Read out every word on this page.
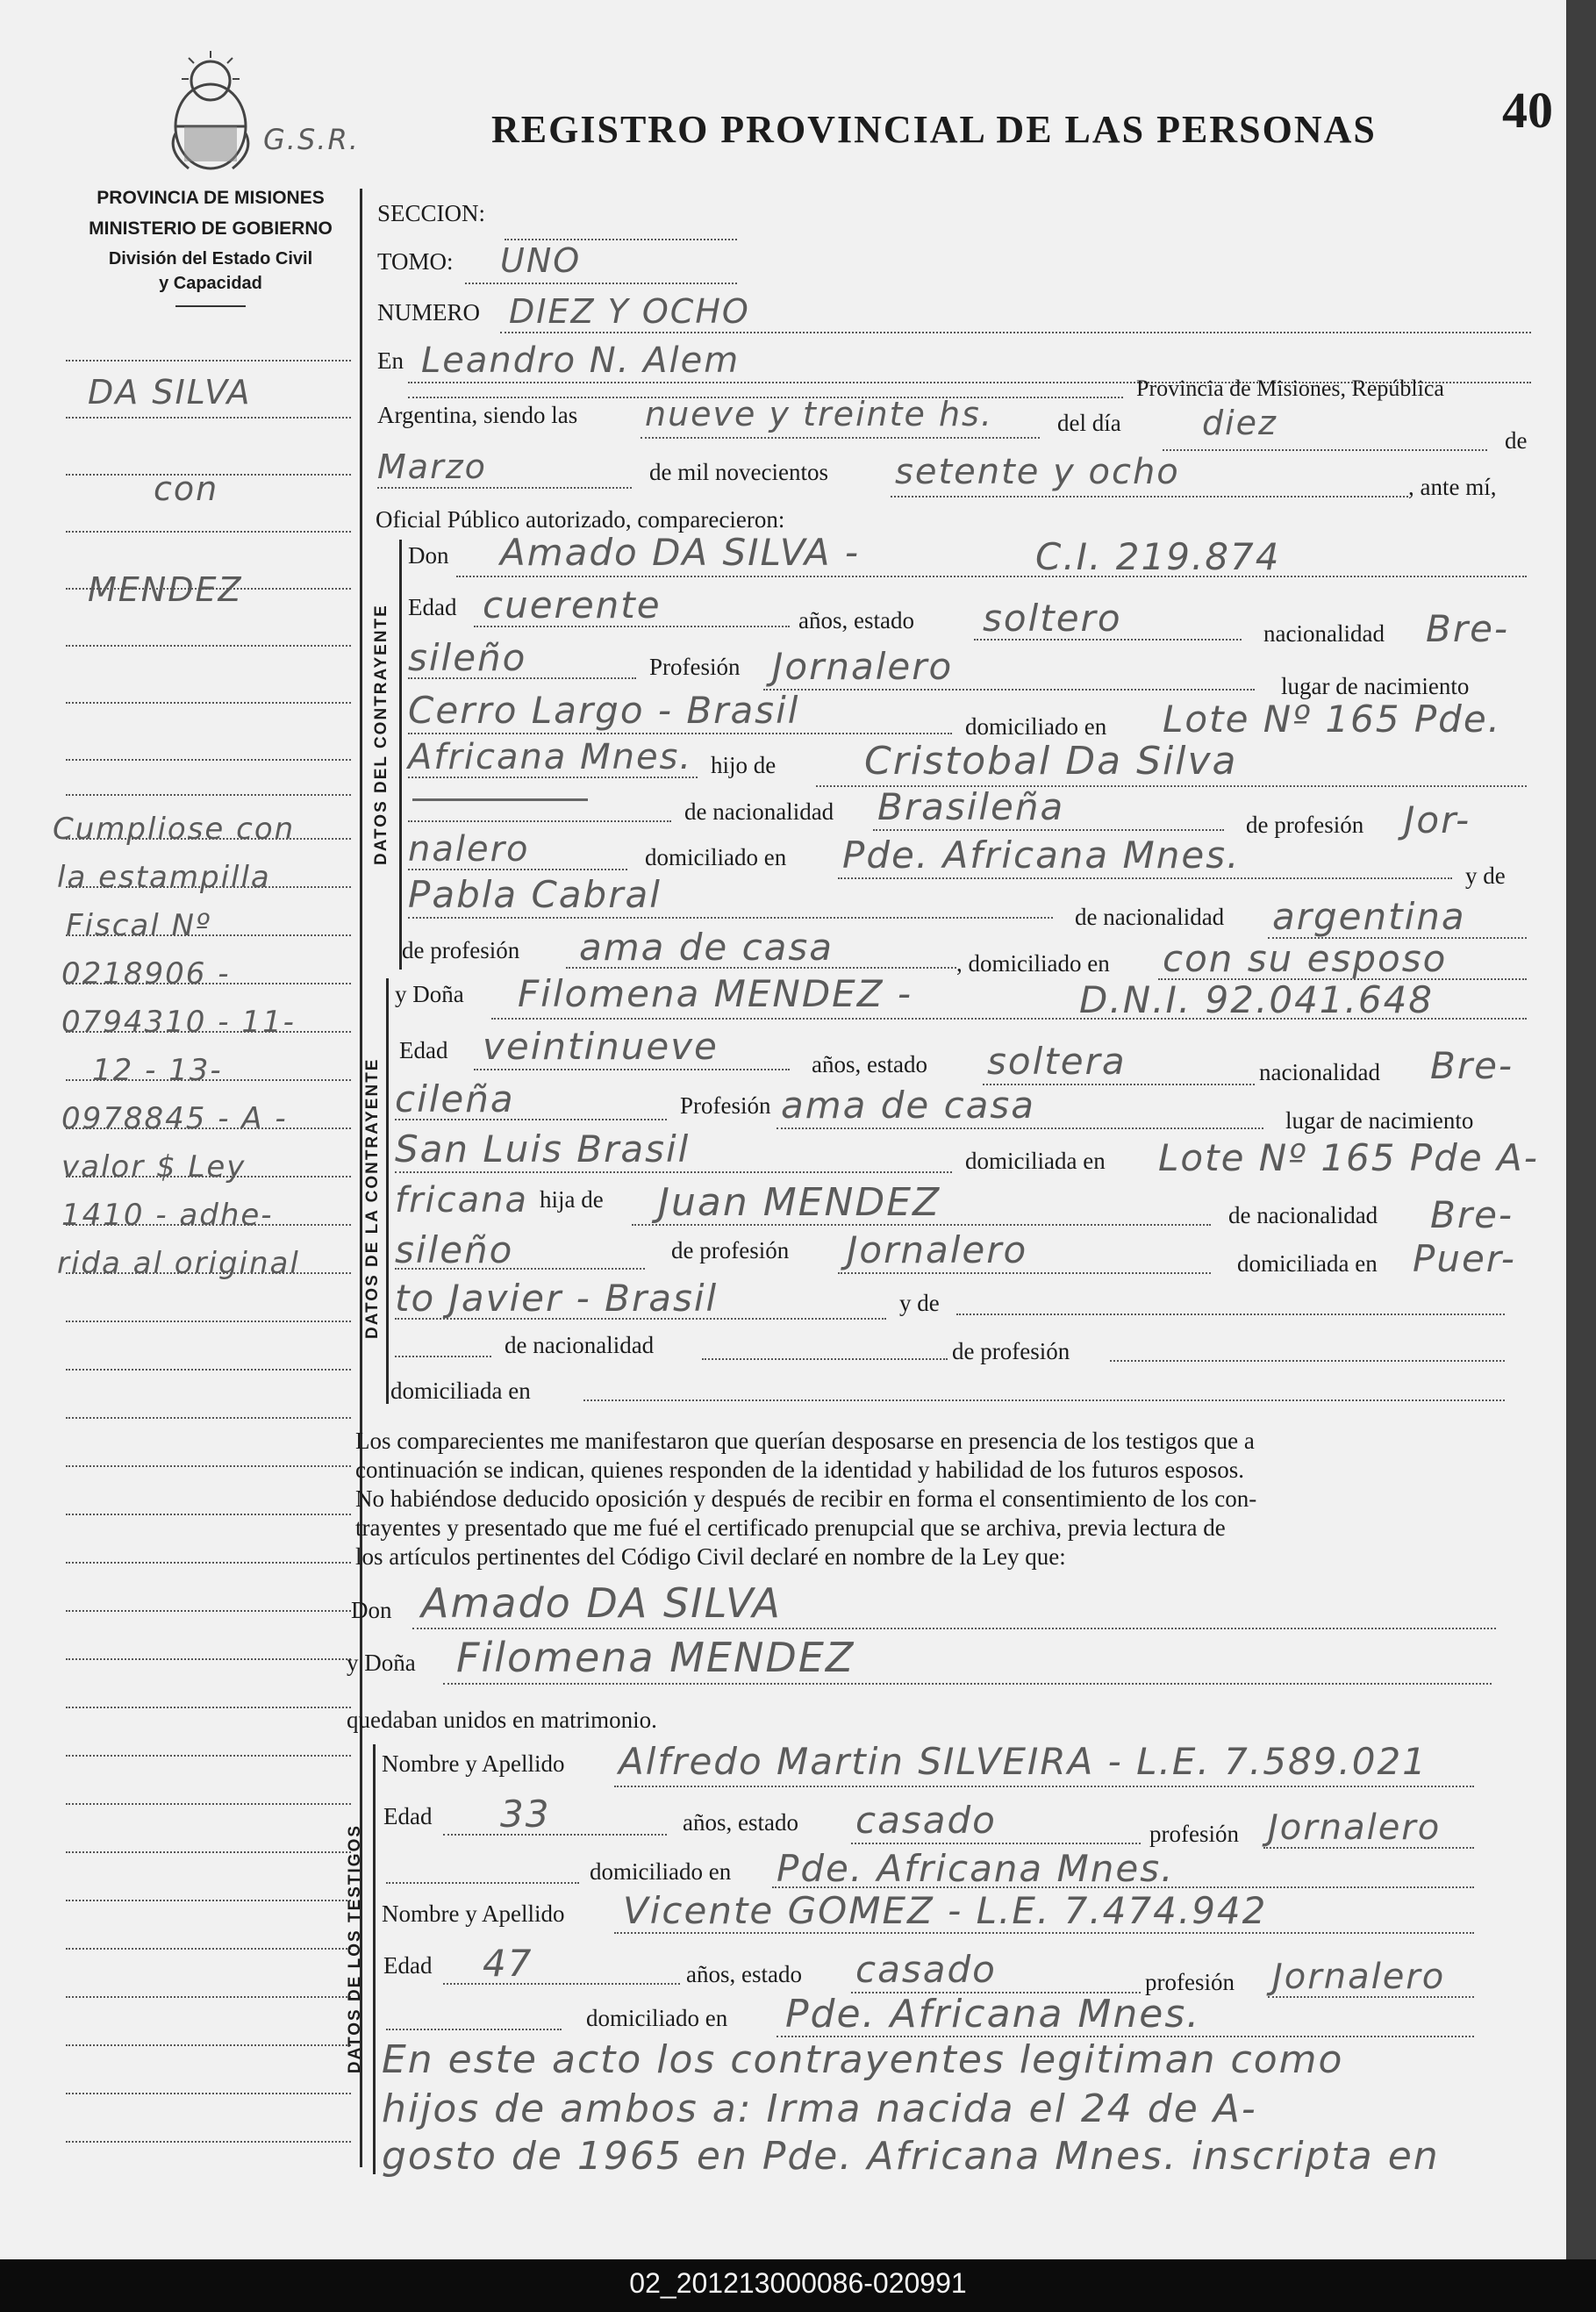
G.S.R.	REGISTRO PROVINCIAL DE LAS PERSONAS 40
PROVINCIA DE MISIONES
MINISTERIO DE GOBIERNO
División del Estado Civil
y Capacidad
DA SILVA
con
MENDEZ
Cumpliose con
la estampilla
Fiscal Nº
0218906 -
0794310 - 11-
12 - 13-
0978845 - A -
valor $ Ley
1410 - adhe-
rida al original
SECCION:
TOMO: UNO
NUMERO DIEZ Y OCHO
En Leandro N. Alem
Provincia de Misiones, República
Argentina, siendo las nueve y treinte hs.	del día diez	de
Marzo	de mil novecientos setente y ocho	, ante mí,
Oficial Público autorizado, comparecieron:
DATOS DEL CONTRAYENTE
Don Amado DA SILVA -	C.I. 219.874
Edad cuerente	años, estado soltero	nacionalidad Bre-
sileño	Profesión Jornalero	lugar de nacimiento
Cerro Largo - Brasil	domiciliado en Lote Nº 165 Pde.
Africana Mnes. hijo de Cristobal Da Silva
de nacionalidad Brasileña	de profesión Jor-
nalero	domiciliado en Pde. Africana Mnes.	y de
Pabla Cabral
de nacionalidad argentina
de profesión ama de casa	, domiciliado en con su esposo
DATOS DE LA CONTRAYENTE
y Doña Filomena MENDEZ -	D.N.I. 92.041.648
Edad veintinueve	años, estado soltera	nacionalidad Bre-
cileña	Profesión ama de casa	lugar de nacimiento
San Luis Brasil	domiciliada en Lote Nº 165 Pde A-
fricana hija de Juan MENDEZ	de nacionalidad Bre-
sileño	de profesión Jornalero	domiciliada en Puer-
to Javier - Brasil	y de
de nacionalidad	de profesión
domiciliada en
Los comparecientes me manifestaron que querían desposarse en presencia de los testigos que a
continuación se indican, quienes responden de la identidad y habilidad de los futuros esposos.
No habiéndose deducido oposición y después de recibir en forma el consentimiento de los con-
trayentes y presentado que me fué el certificado prenupcial que se archiva, previa lectura de
los artículos pertinentes del Código Civil declaré en nombre de la Ley que:
Don Amado DA SILVA
y Doña Filomena MENDEZ
quedaban unidos en matrimonio.
DATOS DE LOS TESTIGOS
Nombre y Apellido Alfredo Martin SILVEIRA - L.E. 7.589.021
Edad 33	años, estado casado	profesión Jornalero
domiciliado en Pde. Africana Mnes.
Nombre y Apellido Vicente GOMEZ - L.E. 7.474.942
Edad 47	años, estado casado	profesión Jornalero
domiciliado en Pde. Africana Mnes.
En este acto los contrayentes legitiman como
hijos de ambos a: Irma nacida el 24 de A-
gosto de 1965 en Pde. Africana Mnes. inscripta en
02_201213000086-020991
